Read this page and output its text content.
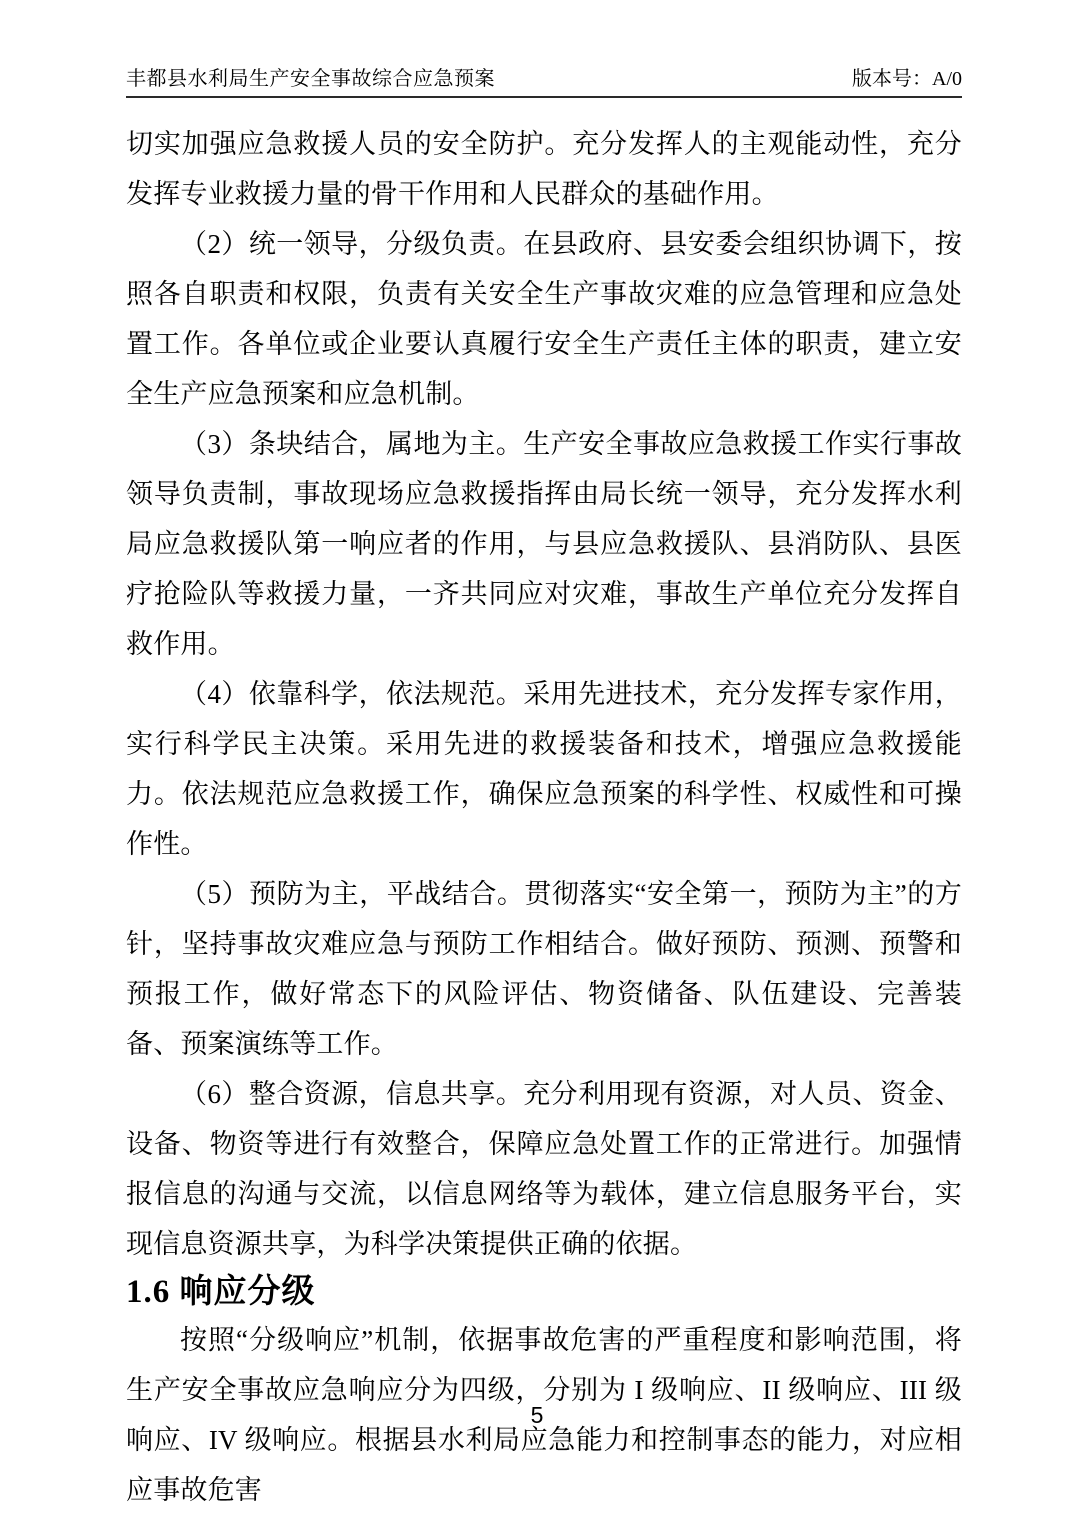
丰都县水利局生产安全事故综合应急预案	版本号：A/0

切实加强应急救援人员的安全防护。充分发挥人的主观能动性，充分发挥专业救援力量的骨干作用和人民群众的基础作用。

（2）统一领导，分级负责。在县政府、县安委会组织协调下，按照各自职责和权限，负责有关安全生产事故灾难的应急管理和应急处置工作。各单位或企业要认真履行安全生产责任主体的职责，建立安全生产应急预案和应急机制。

（3）条块结合，属地为主。生产安全事故应急救援工作实行事故领导负责制，事故现场应急救援指挥由局长统一领导，充分发挥水利局应急救援队第一响应者的作用，与县应急救援队、县消防队、县医疗抢险队等救援力量，一齐共同应对灾难，事故生产单位充分发挥自救作用。

（4）依靠科学，依法规范。采用先进技术，充分发挥专家作用，实行科学民主决策。采用先进的救援装备和技术，增强应急救援能力。依法规范应急救援工作，确保应急预案的科学性、权威性和可操作性。

（5）预防为主，平战结合。贯彻落实“安全第一，预防为主”的方针，坚持事故灾难应急与预防工作相结合。做好预防、预测、预警和预报工作，做好常态下的风险评估、物资储备、队伍建设、完善装备、预案演练等工作。

（6）整合资源，信息共享。充分利用现有资源，对人员、资金、设备、物资等进行有效整合，保障应急处置工作的正常进行。加强情报信息的沟通与交流，以信息网络等为载体，建立信息服务平台，实现信息资源共享，为科学决策提供正确的依据。

1.6 响应分级

按照“分级响应”机制，依据事故危害的严重程度和影响范围，将生产安全事故应急响应分为四级，分别为 I 级响应、II 级响应、III 级响应、IV 级响应。根据县水利局应急能力和控制事态的能力，对应相应事故危害

5
